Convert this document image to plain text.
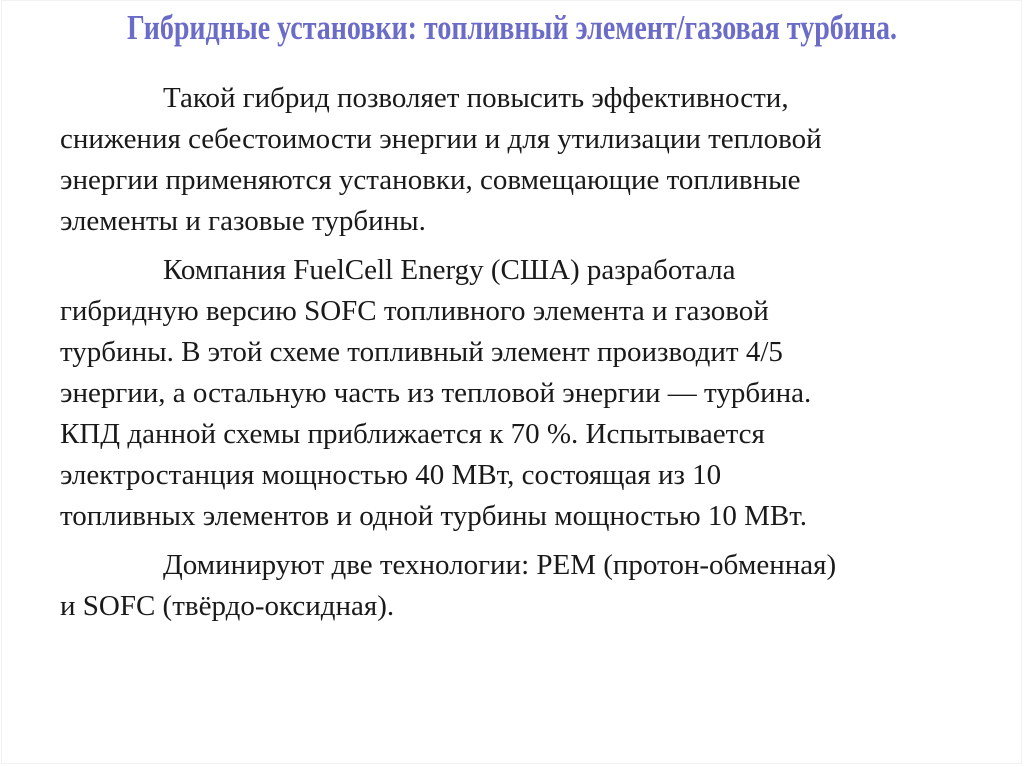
Гибридные установки: топливный элемент/газовая турбина.

Такой гибрид позволяет повысить эффективности,
снижения себестоимости энергии и для утилизации тепловой
энергии применяются установки, совмещающие топливные
элементы и газовые турбины.

Компания FuelCell Energy (США) разработала
гибридную версию SOFC топливного элемента и газовой
турбины. В этой схеме топливный элемент производит 4/5
энергии, а остальную часть из тепловой энергии — турбина.
КПД данной схемы приближается к 70 %. Испытывается
электростанция мощностью 40 МВт, состоящая из 10
топливных элементов и одной турбины мощностью 10 МВт.

Доминируют две технологии: PEM (протон-обменная)
и SOFC (твёрдо-оксидная).
